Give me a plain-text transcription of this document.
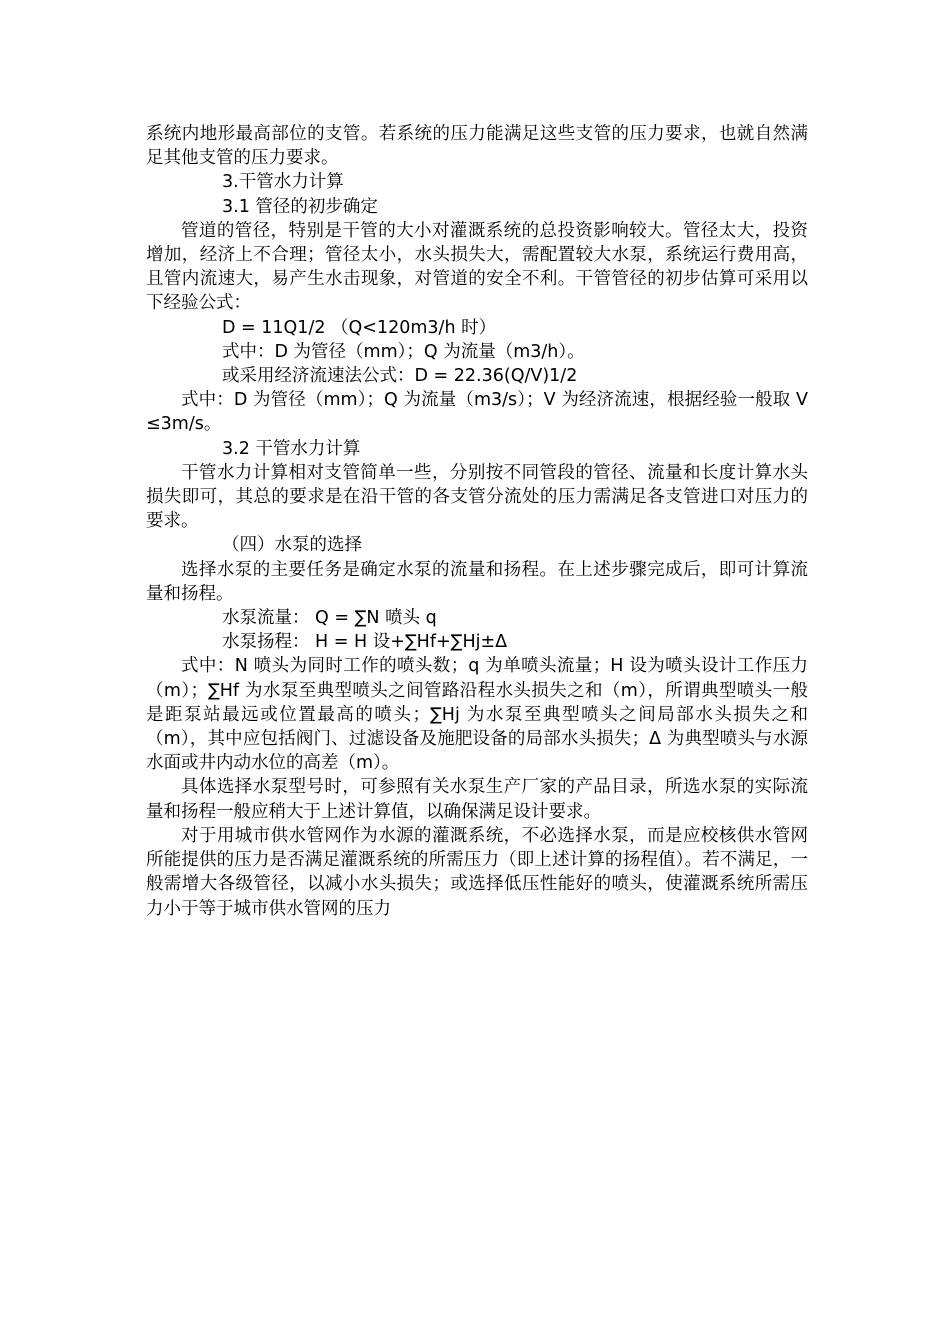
系统内地形最高部位的支管。若系统的压力能满足这些支管的压力要求，也就自然满足其他支管的压力要求。

3.干管水力计算

3.1 管径的初步确定

管道的管径，特别是干管的大小对灌溉系统的总投资影响较大。管径太大，投资增加，经济上不合理；管径太小，水头损失大，需配置较大水泵，系统运行费用高，且管内流速大，易产生水击现象，对管道的安全不利。干管管径的初步估算可采用以下经验公式：

D = 11Q1/2 （Q<120m3/h 时）

式中：D 为管径（mm）；Q 为流量（m3/h）。

或采用经济流速法公式：D = 22.36(Q/V)1/2

式中：D 为管径（mm）；Q 为流量（m3/s）；V 为经济流速，根据经验一般取 V≤3m/s。

3.2 干管水力计算

干管水力计算相对支管简单一些，分别按不同管段的管径、流量和长度计算水头损失即可，其总的要求是在沿干管的各支管分流处的压力需满足各支管进口对压力的要求。

（四）水泵的选择

选择水泵的主要任务是确定水泵的流量和扬程。在上述步骤完成后，即可计算流量和扬程。

水泵流量： Q = ∑N 喷头 q

水泵扬程： H = H 设+∑Hf+∑Hj±Δ

式中：N 喷头为同时工作的喷头数；q 为单喷头流量；H 设为喷头设计工作压力（m）；∑Hf 为水泵至典型喷头之间管路沿程水头损失之和（m），所谓典型喷头一般是距泵站最远或位置最高的喷头；∑Hj 为水泵至典型喷头之间局部水头损失之和（m），其中应包括阀门、过滤设备及施肥设备的局部水头损失；Δ 为典型喷头与水源水面或井内动水位的高差（m）。

具体选择水泵型号时，可参照有关水泵生产厂家的产品目录，所选水泵的实际流量和扬程一般应稍大于上述计算值，以确保满足设计要求。

对于用城市供水管网作为水源的灌溉系统，不必选择水泵，而是应校核供水管网所能提供的压力是否满足灌溉系统的所需压力（即上述计算的扬程值）。若不满足，一般需增大各级管径，以减小水头损失；或选择低压性能好的喷头，使灌溉系统所需压力小于等于城市供水管网的压力
